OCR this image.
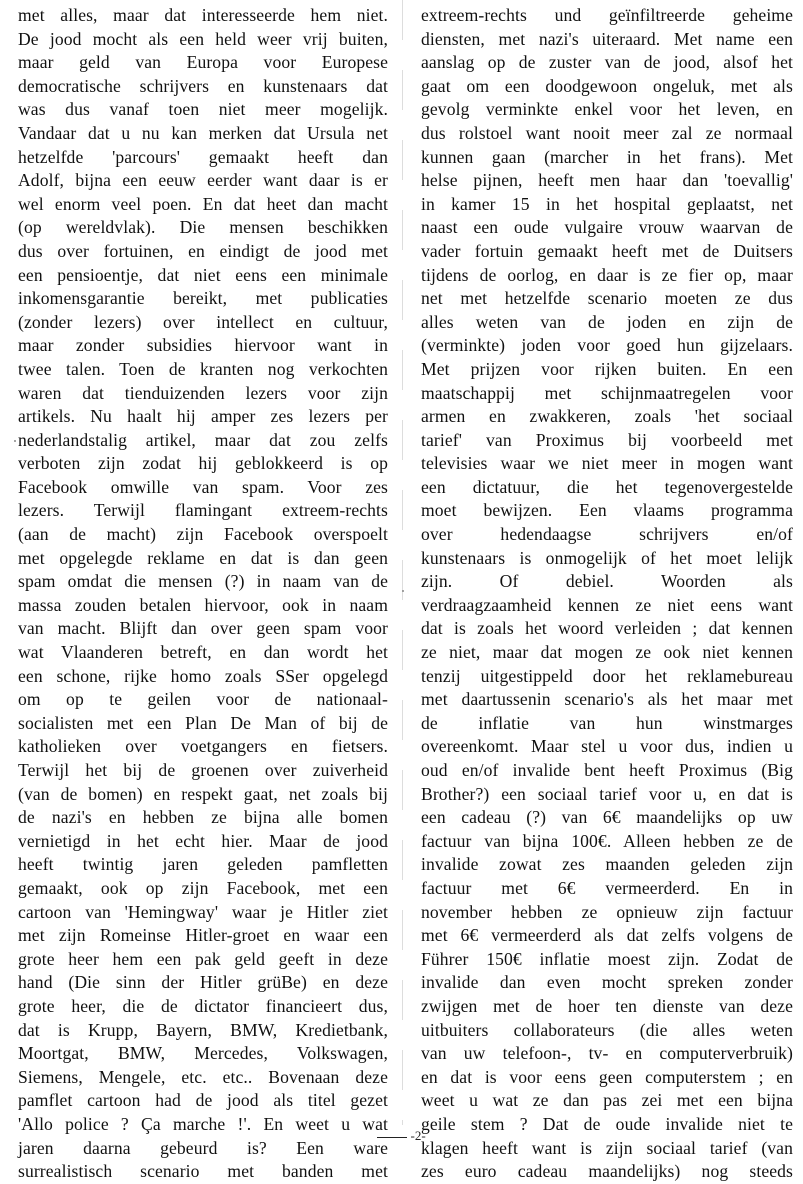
met alles, maar dat interesseerde hem niet.
De jood mocht als een held weer vrij buiten,
maar geld van Europa voor Europese
democratische schrijvers en kunstenaars dat
was dus vanaf toen niet meer mogelijk.
Vandaar dat u nu kan merken dat Ursula net
hetzelfde 'parcours' gemaakt heeft dan
Adolf, bijna een eeuw eerder want daar is er
wel enorm veel poen. En dat heet dan macht
(op wereldvlak). Die mensen beschikken
dus over fortuinen, en eindigt de jood met
een pensioentje, dat niet eens een minimale
inkomensgarantie bereikt, met publicaties
(zonder lezers) over intellect en cultuur,
maar zonder subsidies hiervoor want in
twee talen. Toen de kranten nog verkochten
waren dat tienduizenden lezers voor zijn
artikels. Nu haalt hij amper zes lezers per
nederlandstalig artikel, maar dat zou zelfs
verboten zijn zodat hij geblokkeerd is op
Facebook omwille van spam. Voor zes
lezers. Terwijl flamingant extreem-rechts
(aan de macht) zijn Facebook overspoelt
met opgelegde reklame en dat is dan geen
spam omdat die mensen (?) in naam van de
massa zouden betalen hiervoor, ook in naam
van macht. Blijft dan over geen spam voor
wat Vlaanderen betreft, en dan wordt het
een schone, rijke homo zoals SSer opgelegd
om op te geilen voor de nationaal-
socialisten met een Plan De Man of bij de
katholieken over voetgangers en fietsers.
Terwijl het bij de groenen over zuiverheid
(van de bomen) en respekt gaat, net zoals bij
de nazi's en hebben ze bijna alle bomen
vernietigd in het echt hier. Maar de jood
heeft twintig jaren geleden pamfletten
gemaakt, ook op zijn Facebook, met een
cartoon van 'Hemingway' waar je Hitler ziet
met zijn Romeinse Hitler-groet en waar een
grote heer hem een pak geld geeft in deze
hand (Die sinn der Hitler grüBe) en deze
grote heer, die de dictator financieert dus,
dat is Krupp, Bayern, BMW, Kredietbank,
Moortgat, BMW, Mercedes, Volkswagen,
Siemens, Mengele, etc. etc.. Bovenaan deze
pamflet cartoon had de jood als titel gezet
'Allo police ? Ça marche !'. En weet u wat
jaren daarna gebeurd is? Een ware
surrealistisch scenario met banden met
extreem-rechts und geïnfiltreerde geheime
diensten, met nazi's uiteraard. Met name een
aanslag op de zuster van de jood, alsof het
gaat om een doodgewoon ongeluk, met als
gevolg verminkte enkel voor het leven, en
dus rolstoel want nooit meer zal ze normaal
kunnen gaan (marcher in het frans). Met
helse pijnen, heeft men haar dan 'toevallig'
in kamer 15 in het hospital geplaatst, net
naast een oude vulgaire vrouw waarvan de
vader fortuin gemaakt heeft met de Duitsers
tijdens de oorlog, en daar is ze fier op, maar
net met hetzelfde scenario moeten ze dus
alles weten van de joden en zijn de
(verminkte) joden voor goed hun gijzelaars.
Met prijzen voor rijken buiten. En een
maatschappij met schijnmaatregelen voor
armen en zwakkeren, zoals 'het sociaal
tarief' van Proximus bij voorbeeld met
televisies waar we niet meer in mogen want
een dictatuur, die het tegenovergestelde
moet bewijzen. Een vlaams programma
over hedendaagse schrijvers en/of
kunstenaars is onmogelijk of het moet lelijk
zijn. Of debiel. Woorden als
verdraagzaamheid kennen ze niet eens want
dat is zoals het woord verleiden ; dat kennen
ze niet, maar dat mogen ze ook niet kennen
tenzij uitgestippeld door het reklamebureau
met daartussenin scenario's als het maar met
de inflatie van hun winstmarges
overeenkomt. Maar stel u voor dus, indien u
oud en/of invalide bent heeft Proximus (Big
Brother?) een sociaal tarief voor u, en dat is
een cadeau (?) van 6€ maandelijks op uw
factuur van bijna 100€. Alleen hebben ze de
invalide zowat zes maanden geleden zijn
factuur met 6€ vermeerderd. En in
november hebben ze opnieuw zijn factuur
met 6€ vermeerderd als dat zelfs volgens de
Führer 150€ inflatie moest zijn. Zodat de
invalide dan even mocht spreken zonder
zwijgen met de hoer ten dienste van deze
uitbuiters collaborateurs (die alles weten
van uw telefoon-, tv- en computerverbruik)
en dat is voor eens geen computerstem ; en
weet u wat ze dan pas zei met een bijna
geile stem ? Dat de oude invalide niet te
klagen heeft want is zijn sociaal tarief (van
zes euro cadeau maandelijks) nog steeds
-2-
